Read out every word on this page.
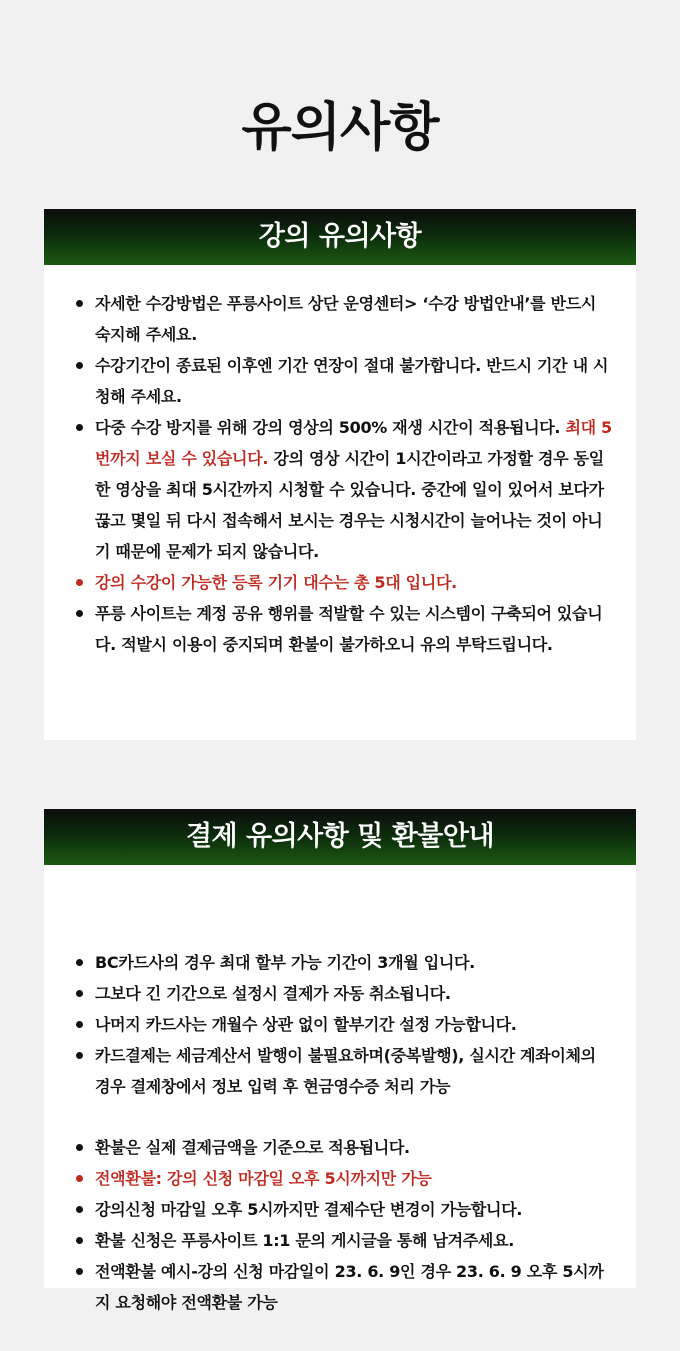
유의사항
강의 유의사항
자세한 수강방법은 푸릉사이트 상단 운영센터> ‘수강 방법안내’를 반드시 숙지해 주세요.
수강기간이 종료된 이후엔 기간 연장이 절대 불가합니다. 반드시 기간 내 시청해 주세요.
다중 수강 방지를 위해 강의 영상의 500% 재생 시간이 적용됩니다. 최대 5번까지 보실 수 있습니다. 강의 영상 시간이 1시간이라고 가정할 경우 동일한 영상을 최대 5시간까지 시청할 수 있습니다. 중간에 일이 있어서 보다가 끊고 몇일 뒤 다시 접속해서 보시는 경우는 시청시간이 늘어나는 것이 아니기 때문에 문제가 되지 않습니다.
강의 수강이 가능한 등록 기기 대수는 총 5대 입니다.
푸릉 사이트는 계정 공유 행위를 적발할 수 있는 시스템이 구축되어 있습니다. 적발시 이용이 중지되며 환불이 불가하오니 유의 부탁드립니다.
결제 유의사항 및 환불안내
BC카드사의 경우 최대 할부 가능 기간이 3개월 입니다.
그보다 긴 기간으로 설정시 결제가 자동 취소됩니다.
나머지 카드사는 개월수 상관 없이 할부기간 설정 가능합니다.
카드결제는 세금계산서 발행이 불필요하며(중복발행), 실시간 계좌이체의 경우 결제창에서 정보 입력 후 현금영수증 처리 가능
환불은 실제 결제금액을 기준으로 적용됩니다.
전액환불: 강의 신청 마감일 오후 5시까지만 가능
강의신청 마감일 오후 5시까지만 결제수단 변경이 가능합니다.
환불 신청은 푸릉사이트 1:1 문의 게시글을 통해 남겨주세요.
전액환불 예시-강의 신청 마감일이 23. 6. 9인 경우 23. 6. 9 오후 5시까지 요청해야 전액환불 가능
